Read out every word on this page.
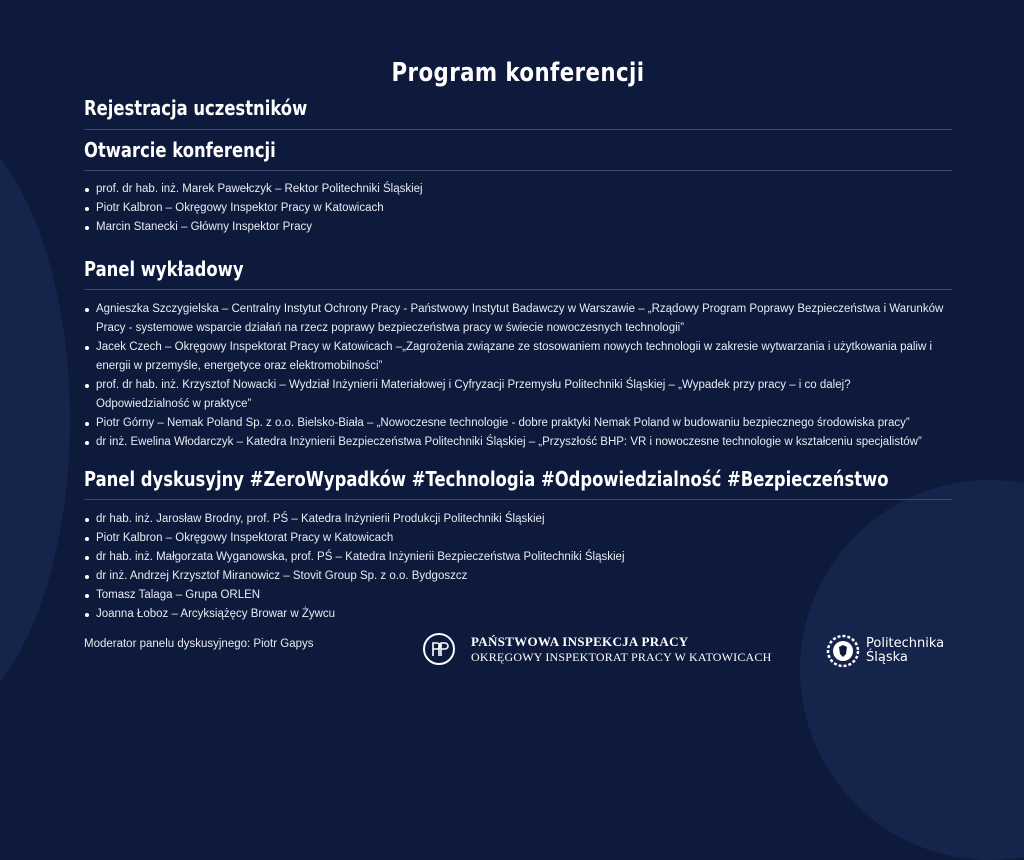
Program konferencji
Rejestracja uczestników
Otwarcie konferencji
prof. dr hab. inż. Marek Pawełczyk – Rektor Politechniki Śląskiej
Piotr Kalbron – Okręgowy Inspektor Pracy w Katowicach
Marcin Stanecki – Główny Inspektor Pracy
Panel wykładowy
Agnieszka Szczygielska – Centralny Instytut Ochrony Pracy - Państwowy Instytut Badawczy w Warszawie – „Rządowy Program Poprawy Bezpieczeństwa i Warunków Pracy - systemowe wsparcie działań na rzecz poprawy bezpieczeństwa pracy w świecie nowoczesnych technologii”
Jacek Czech – Okręgowy Inspektorat Pracy w Katowicach –„Zagrożenia związane ze stosowaniem nowych technologii w zakresie wytwarzania i użytkowania paliw i energii w przemyśle, energetyce oraz elektromobilności”
prof. dr hab. inż. Krzysztof Nowacki – Wydział Inżynierii Materiałowej i Cyfryzacji Przemysłu Politechniki Śląskiej – „Wypadek przy pracy – i co dalej? Odpowiedzialność w praktyce”
Piotr Górny – Nemak Poland Sp. z o.o. Bielsko-Biała – „Nowoczesne technologie - dobre praktyki Nemak Poland w budowaniu bezpiecznego środowiska pracy”
dr inż. Ewelina Włodarczyk – Katedra Inżynierii Bezpieczeństwa Politechniki Śląskiej – „Przyszłość BHP: VR i nowoczesne technologie w kształceniu specjalistów”
Panel dyskusyjny #ZeroWypadków #Technologia #Odpowiedzialność #Bezpieczeństwo
dr hab. inż. Jarosław Brodny, prof. PŚ – Katedra Inżynierii Produkcji Politechniki Śląskiej
Piotr Kalbron – Okręgowy Inspektorat Pracy w Katowicach
dr hab. inż. Małgorzata Wyganowska, prof. PŚ – Katedra Inżynierii Bezpieczeństwa Politechniki Śląskiej
dr inż. Andrzej Krzysztof Miranowicz – Stovit Group Sp. z o.o. Bydgoszcz
Tomasz Talaga – Grupa ORLEN
Joanna Łoboz – Arcyksiążęcy Browar w Żywcu
Moderator panelu dyskusyjnego: Piotr Gapys	PAŃSTWOWA INSPEKCJA PRACY
OKRĘGOWY INSPEKTORAT PRACY W KATOWICACH
Politechnika
Śląska
